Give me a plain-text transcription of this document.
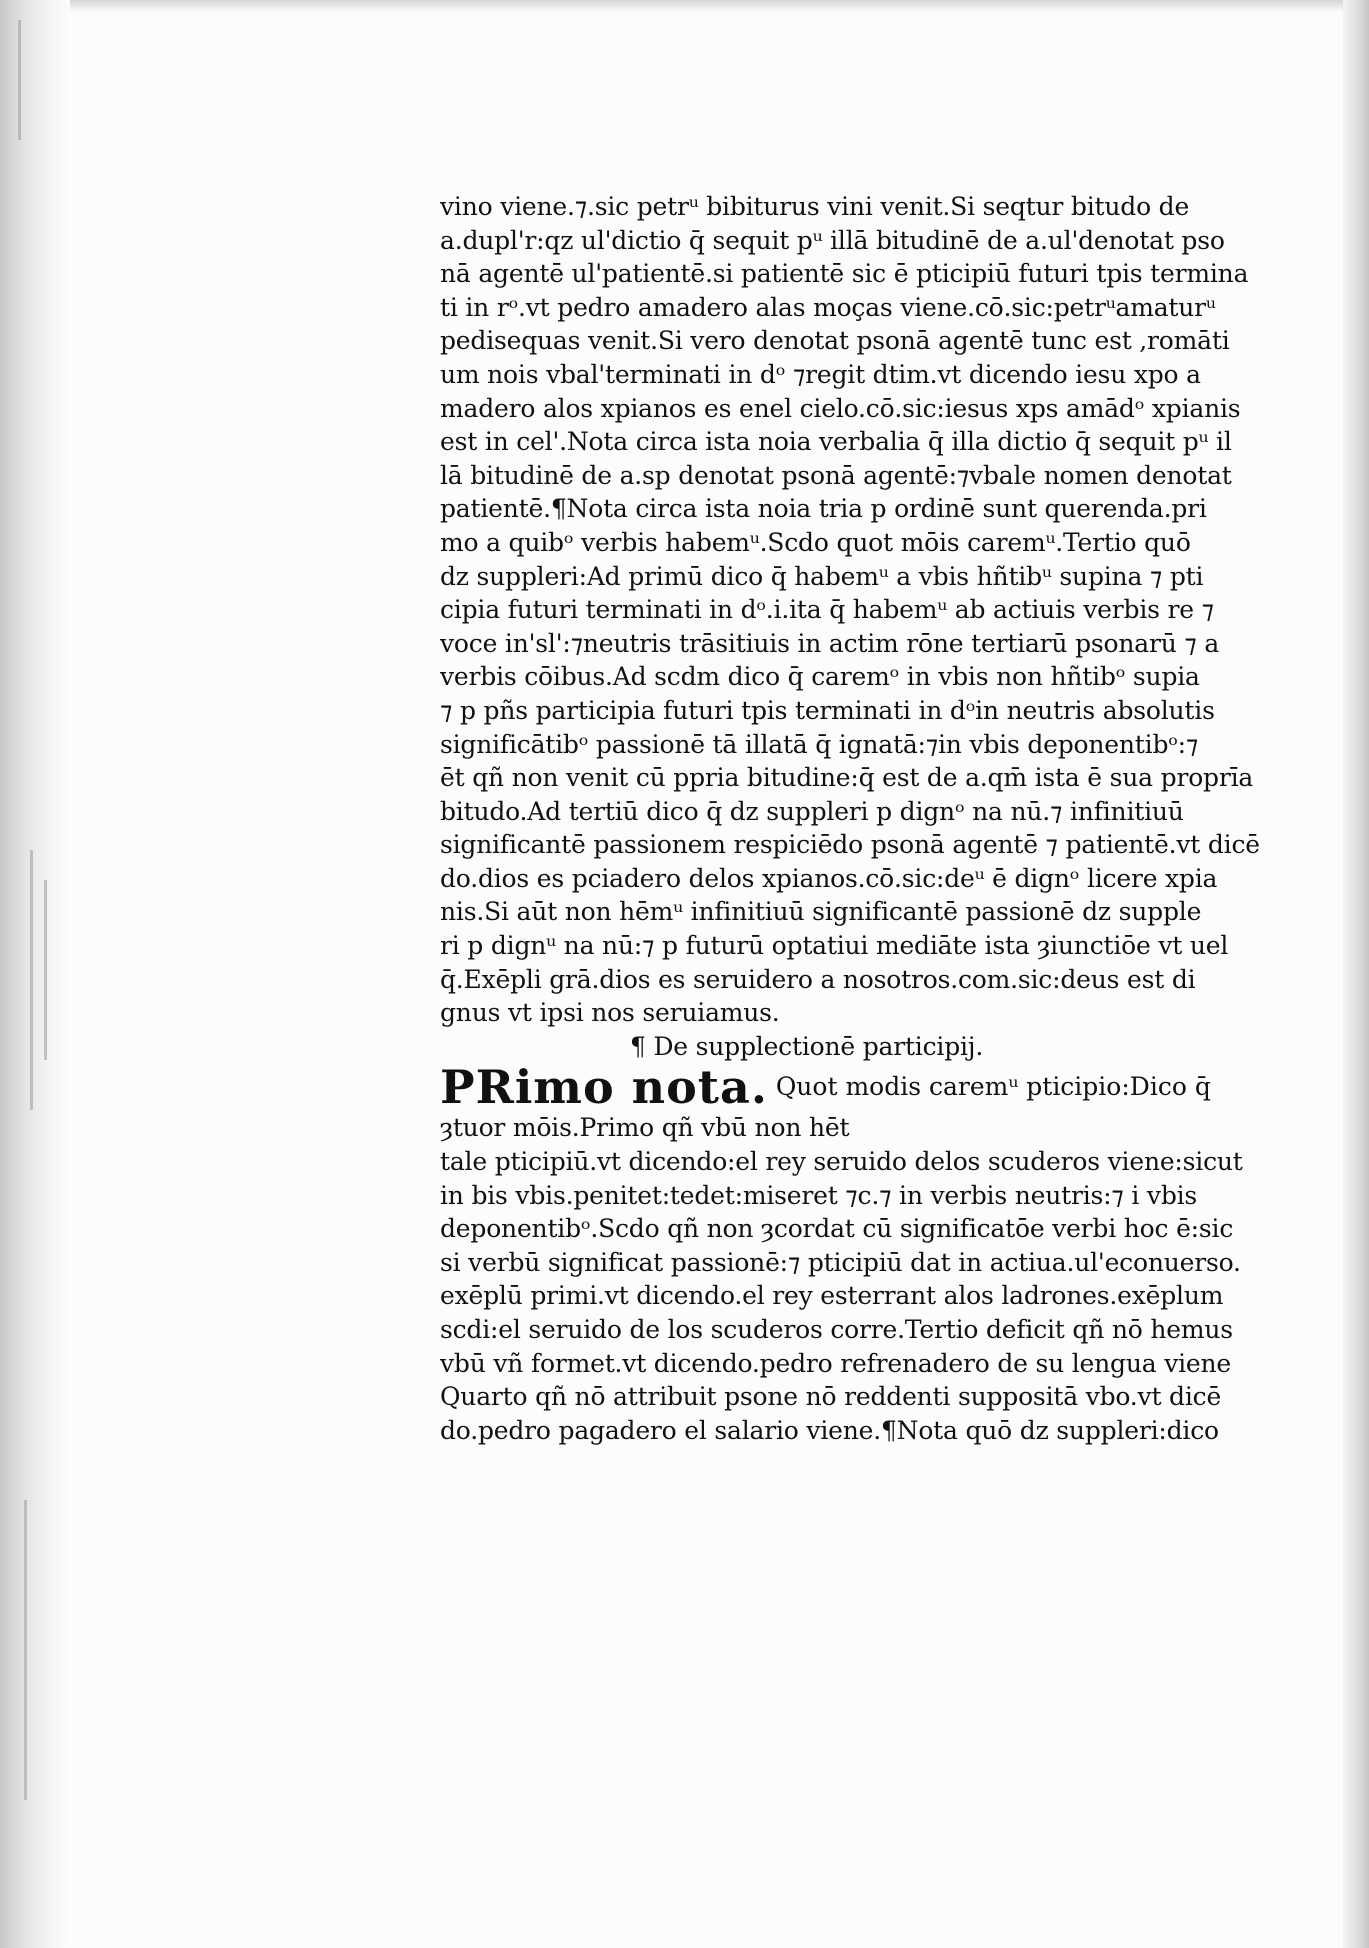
vino viene.⁊.sic petrᵘ bibiturus vini venit.Si seqtur bitudo de
a.dupl'r:qz ul'dictio q̄ sequit pᵘ illā bitudinē de a.ul'denotat pso
nā agentē ul'patientē.si patientē sic ē pticipiū futuri tpis termina
ti in rᵒ.vt pedro amadero alas moças viene.cō.sic:petrᵘamaturᵘ
pedisequas venit.Si vero denotat psonā agentē tunc est ,romāti
um nois vbal'terminati in dᵒ ⁊regit dtim.vt dicendo iesu xpo a
madero alos xpianos es enel cielo.cō.sic:iesus xps amādᵒ xpianis
est in cel'.Nota circa ista noia verbalia q̄ illa dictio q̄ sequit pᵘ il
lā bitudinē de a.sp denotat psonā agentē:⁊vbale nomen denotat
patientē.¶Nota circa ista noia tria p ordinē sunt querenda.pri
mo a quibᵒ verbis habemᵘ.Scdo quot mōis caremᵘ.Tertio quō
dz suppleri:Ad primū dico q̄ habemᵘ a vbis hñtibᵘ supina ⁊ pti
cipia futuri terminati in dᵒ.i.ita q̄ habemᵘ ab actiuis verbis re ⁊
voce in'sl':⁊neutris trāsitiuis in actim rōne tertiarū psonarū ⁊ a
verbis cōibus.Ad scdm dico q̄ caremᵒ in vbis non hñtibᵒ supia
⁊ p pñs participia futuri tpis terminati in dᵒin neutris absolutis
significātibᵒ passionē tā illatā q̄ ignatā:⁊in vbis deponentibᵒ:⁊
ēt qñ non venit cū ppria bitudine:q̄ est de a.qm̄ ista ē sua proprīa
bitudo.Ad tertiū dico q̄ dz suppleri p dignᵒ na nū.⁊ infinitiuū
significantē passionem respiciēdo psonā agentē ⁊ patientē.vt dicē
do.dios es pciadero delos xpianos.cō.sic:deᵘ ē dignᵒ licere xpia
nis.Si aūt non hēmᵘ infinitiuū significantē passionē dz supple
ri p dignᵘ na nū:⁊ p futurū optatiui mediāte ista ȝiunctiōe vt uel
q̄.Exēpli grā.dios es seruidero a nosotros.com.sic:deus est di
gnus vt ipsi nos seruiamus.
¶ De supplectionē participij.
PRimo nota. Quot modis caremᵘ pticipio:Dico q̄
ȝtuor mōis.Primo qñ vbū non hēt
tale pticipiū.vt dicendo:el rey seruido delos scuderos viene:sicut
in bis vbis.penitet:tedet:miseret ⁊c.⁊ in verbis neutris:⁊ i vbis
deponentibᵒ.Scdo qñ non ȝcordat cū significatōe verbi hoc ē:sic
si verbū significat passionē:⁊ pticipiū dat in actiua.ul'econuerso.
exēplū primi.vt dicendo.el rey esterrant alos ladrones.exēplum
scdi:el seruido de los scuderos corre.Tertio deficit qñ nō hemus
vbū vñ formet.vt dicendo.pedro refrenadero de su lengua viene
Quarto qñ nō attribuit psone nō reddenti suppositā vbo.vt dicē
do.pedro pagadero el salario viene.¶Nota quō dz suppleri:dico
